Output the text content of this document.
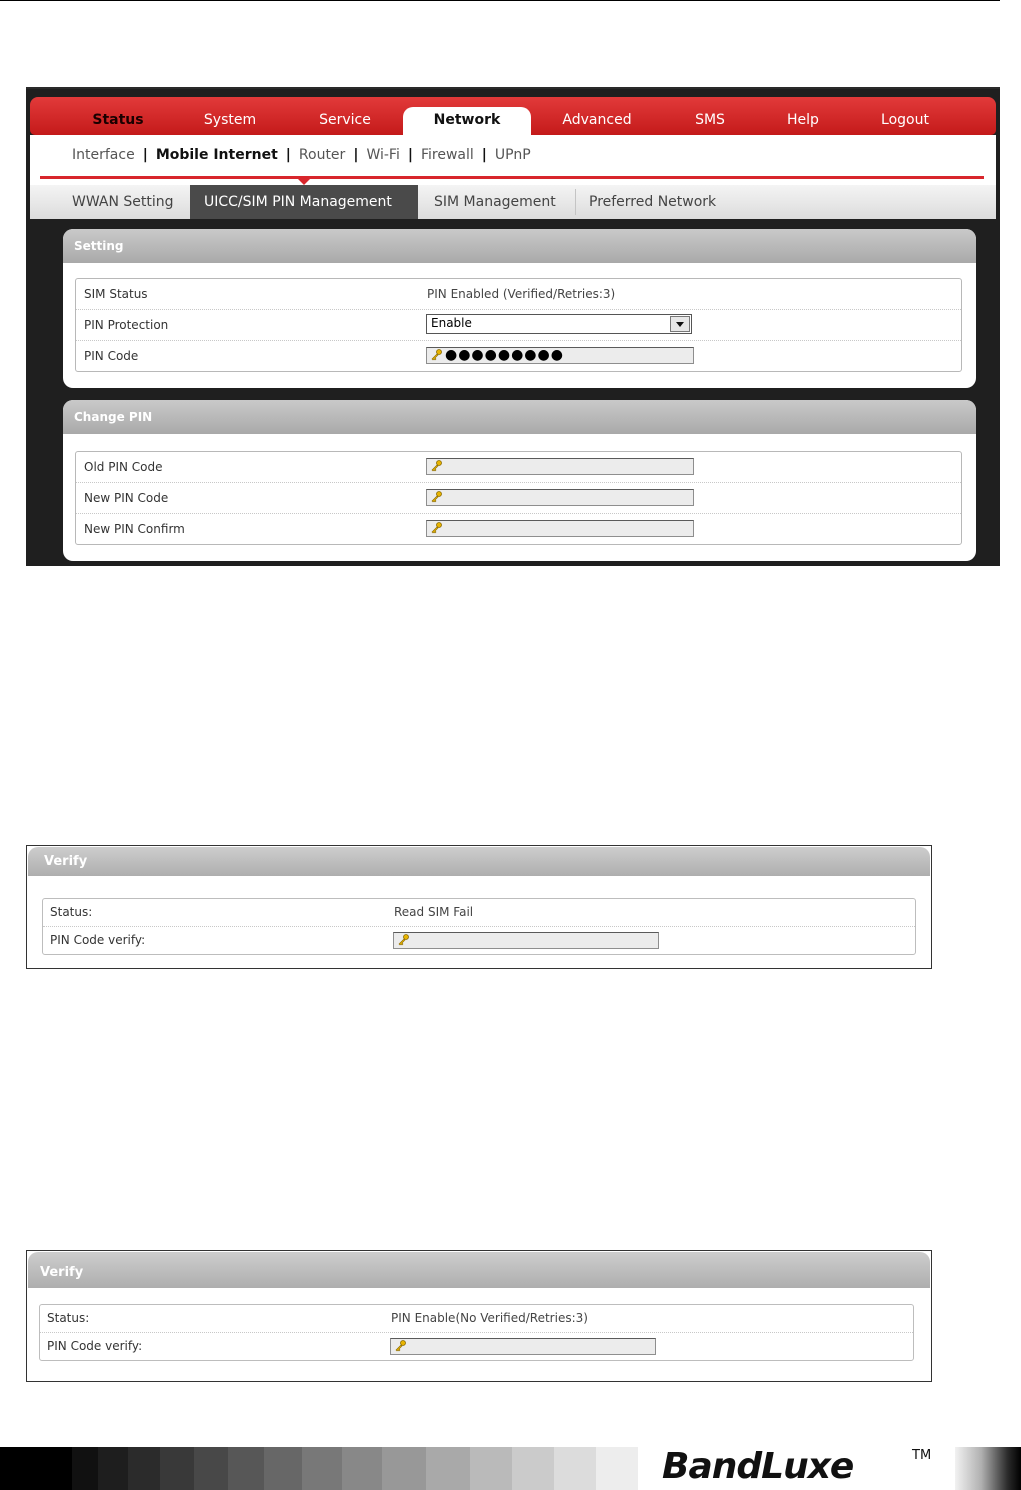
Status	System	Service	Network	Advanced	SMS	Help	Logout
Interface | Mobile Internet | Router | Wi-Fi | Firewall | UPnP
WWAN Setting	UICC/SIM PIN Management	SIM Management	Preferred Network
Setting
SIM Status	PIN Enabled (Verified/Retries:3)
PIN Protection	Enable
PIN Code	●●●●●●●●●
Change PIN
Old PIN Code
New PIN Code
New PIN Confirm
Verify
Status:	Read SIM Fail
PIN Code verify:
Verify
Status:	PIN Enable(No Verified/Retries:3)
PIN Code verify:
BandLuxe	TM
